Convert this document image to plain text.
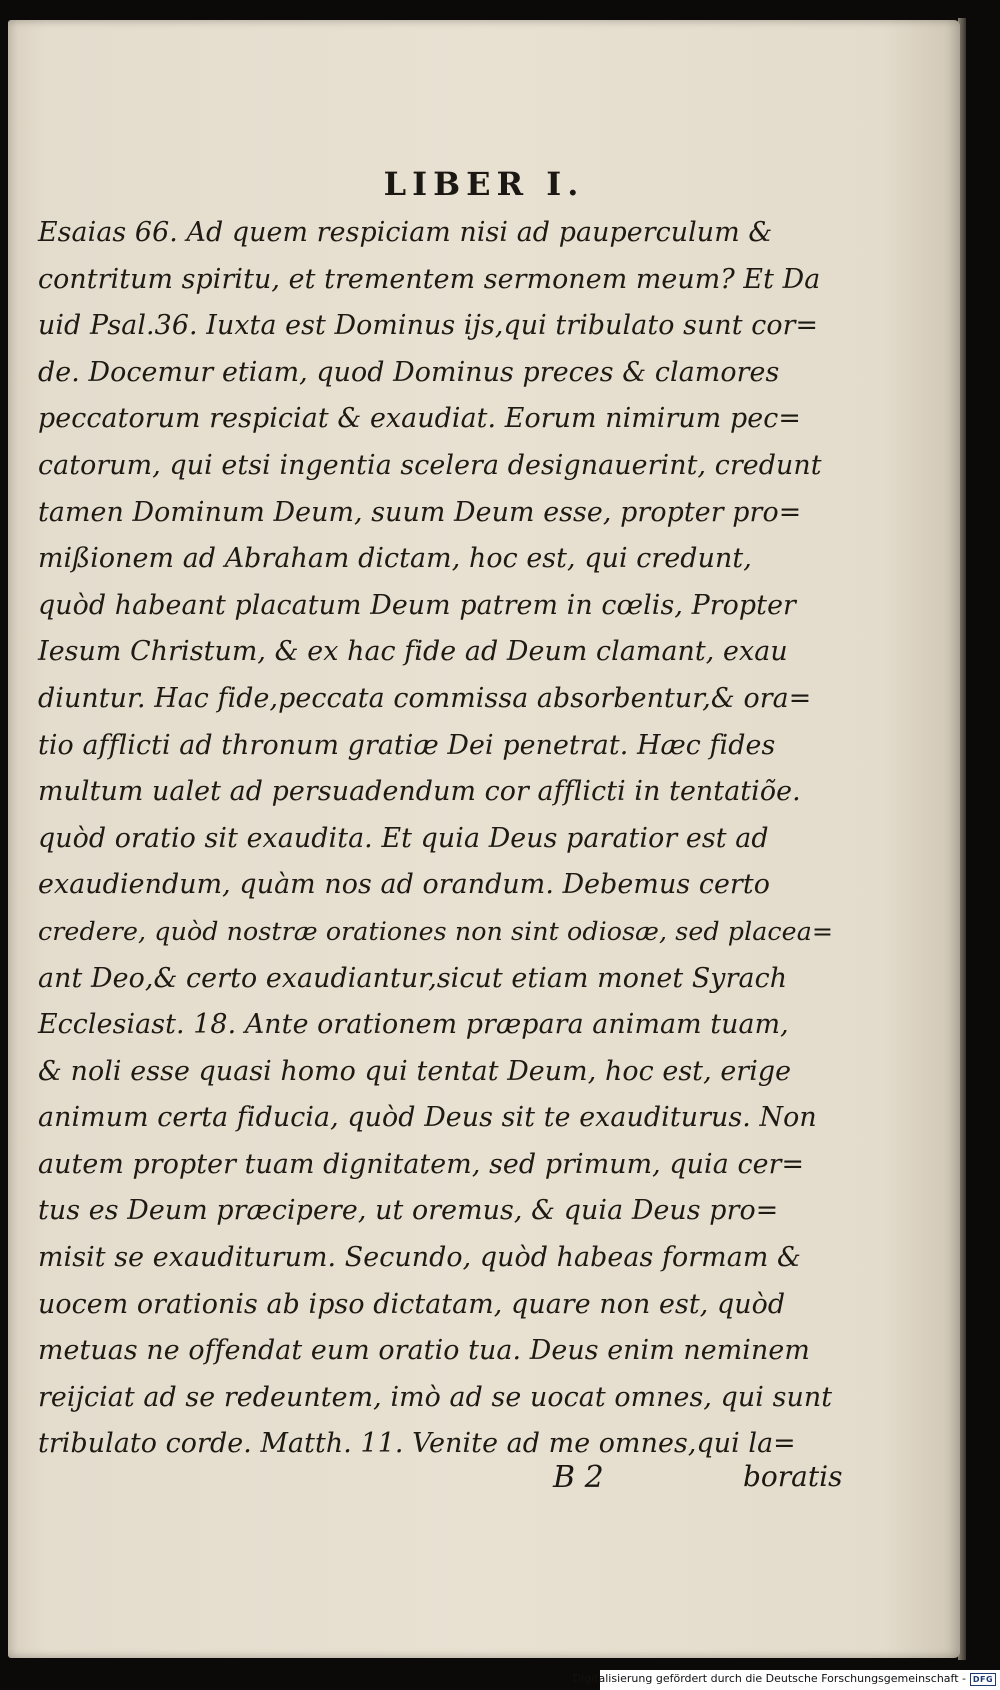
LIBER I.
Esaias 66. Ad quem respiciam nisi ad pauperculum &
contritum spiritu, et trementem sermonem meum? Et Da
uid Psal.36. Iuxta est Dominus ijs,qui tribulato sunt cor=
de. Docemur etiam, quod Dominus preces & clamores
peccatorum respiciat & exaudiat. Eorum nimirum pec=
catorum, qui etsi ingentia scelera designauerint, credunt
tamen Dominum Deum, suum Deum esse, propter pro=
mißionem ad Abraham dictam, hoc est, qui credunt,
quòd habeant placatum Deum patrem in cœlis, Propter
Iesum Christum, & ex hac fide ad Deum clamant, exau
diuntur. Hac fide,peccata commissa absorbentur,& ora=
tio afflicti ad thronum gratiæ Dei penetrat. Hæc fides
multum ualet ad persuadendum cor afflicti in tentatiõe.
quòd oratio sit exaudita. Et quia Deus paratior est ad
exaudiendum, quàm nos ad orandum. Debemus certo
credere, quòd nostræ orationes non sint odiosæ, sed placea=
ant Deo,& certo exaudiantur,sicut etiam monet Syrach
Ecclesiast. 18. Ante orationem præpara animam tuam,
& noli esse quasi homo qui tentat Deum, hoc est, erige
animum certa fiducia, quòd Deus sit te exauditurus. Non
autem propter tuam dignitatem, sed primum, quia cer=
tus es Deum præcipere, ut oremus, & quia Deus pro=
misit se exauditurum. Secundo, quòd habeas formam &
uocem orationis ab ipso dictatam, quare non est, quòd
metuas ne offendat eum oratio tua. Deus enim neminem
reijciat ad se redeuntem, imò ad se uocat omnes, qui sunt
tribulato corde. Matth. 11. Venite ad me omnes,qui la=
B 2	boratis
Digitalisierung gefördert durch die Deutsche Forschungsgemeinschaft - DFG
